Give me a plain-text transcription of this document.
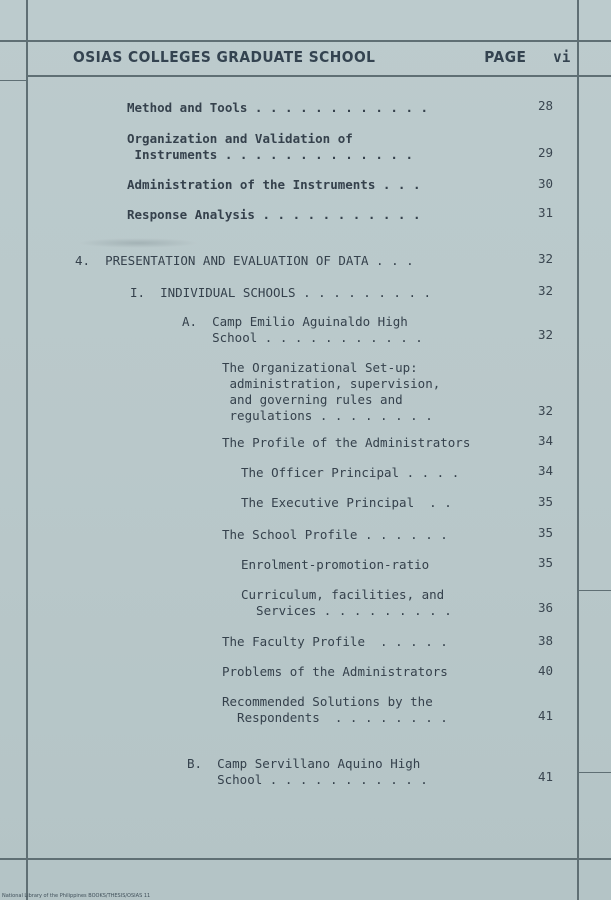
OSIAS COLLEGES GRADUATE SCHOOL	PAGE vi
Method and Tools . . . . . . . . . . . .	28
Organization and Validation of
Instruments . . . . . . . . . . . . .	29
Administration of the Instruments . . .	30
Response Analysis . . . . . . . . . . .	31
4.  PRESENTATION AND EVALUATION OF DATA . . .	32
I.  INDIVIDUAL SCHOOLS . . . . . . . . .	32
A.  Camp Emilio Aguinaldo High
School . . . . . . . . . . .	32
The Organizational Set-up:
administration, supervision,
and governing rules and
regulations . . . . . . . .	32
The Profile of the Administrators	34
The Officer Principal . . . .	34
The Executive Principal  . .	35
The School Profile . . . . . .	35
Enrolment-promotion-ratio	35
Curriculum, facilities, and
Services . . . . . . . . .	36
The Faculty Profile  . . . . .	38
Problems of the Administrators	40
Recommended Solutions by the
Respondents  . . . . . . . .	41
B.  Camp Servillano Aquino High
School . . . . . . . . . . .	41
National Library of the Philippines BOOKS/THESIS/OSIAS 11
